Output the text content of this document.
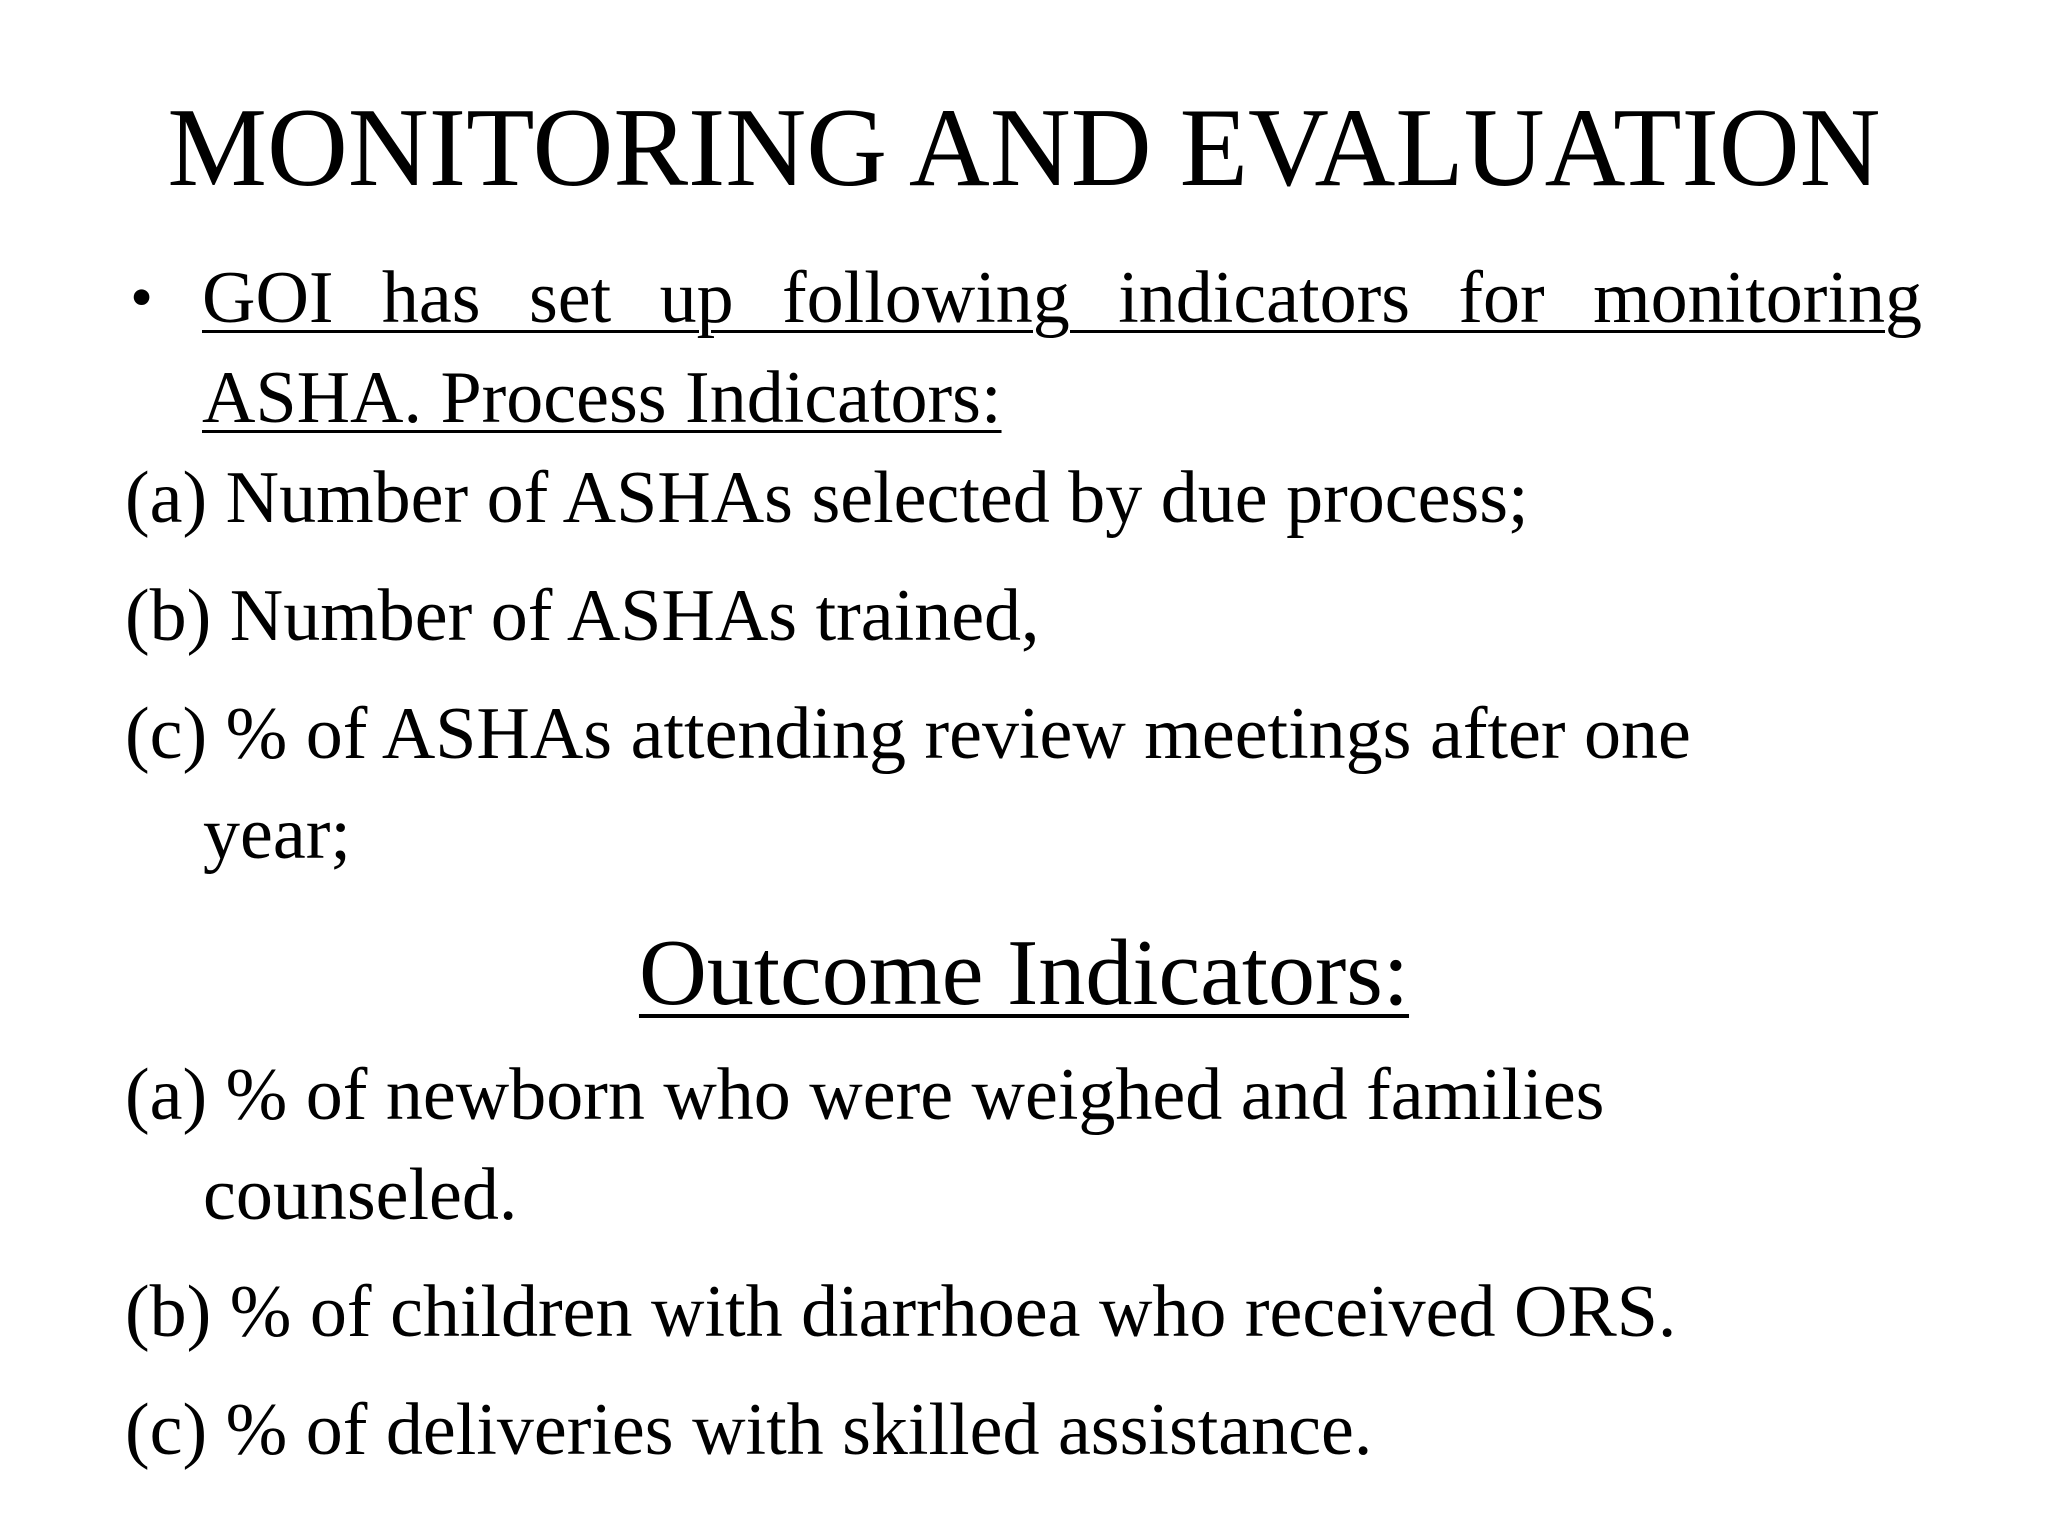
MONITORING AND EVALUATION
• GOI has set up following indicators for monitoring ASHA. Process Indicators:
(a) Number of ASHAs selected by due process;
(b) Number of ASHAs trained,
(c) % of ASHAs attending review meetings after one
year;
Outcome Indicators:
(a) % of newborn who were weighed and families
counseled.
(b) % of children with diarrhoea who received ORS.
(c) % of deliveries with skilled assistance.
